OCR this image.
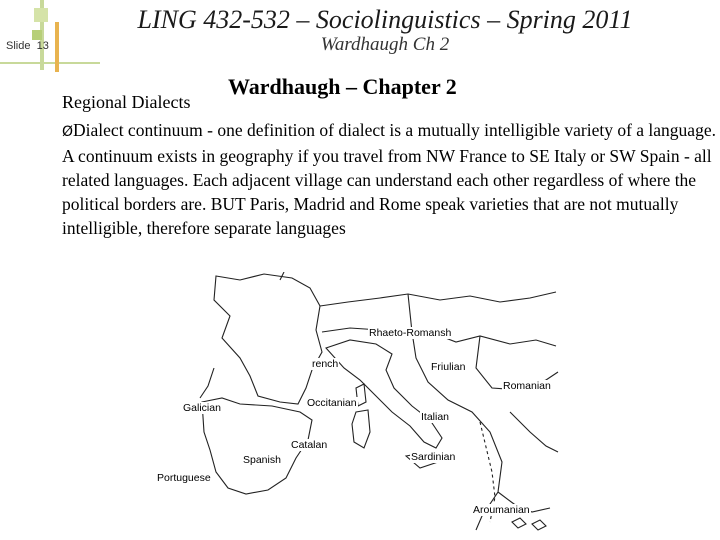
Slide 13
LING 432-532 – Sociolinguistics – Spring 2011
Wardhaugh Ch 2
Wardhaugh – Chapter 2
Regional Dialects
ØDialect continuum - one definition of dialect is a mutually intelligible variety of a language. A continuum exists in geography if you travel from NW France to SE Italy or SW Spain - all related languages. Each adjacent village can understand each other regardless of where the political borders are. BUT Paris, Madrid and Rome speak varieties that are not mutually intelligible, therefore separate languages
Rhaeto-Romansh
rench	Friulian
Romanian
Galician	Occitanian
Italian
Catalan
Spanish	Sardinian
Portuguese
Aroumanian
